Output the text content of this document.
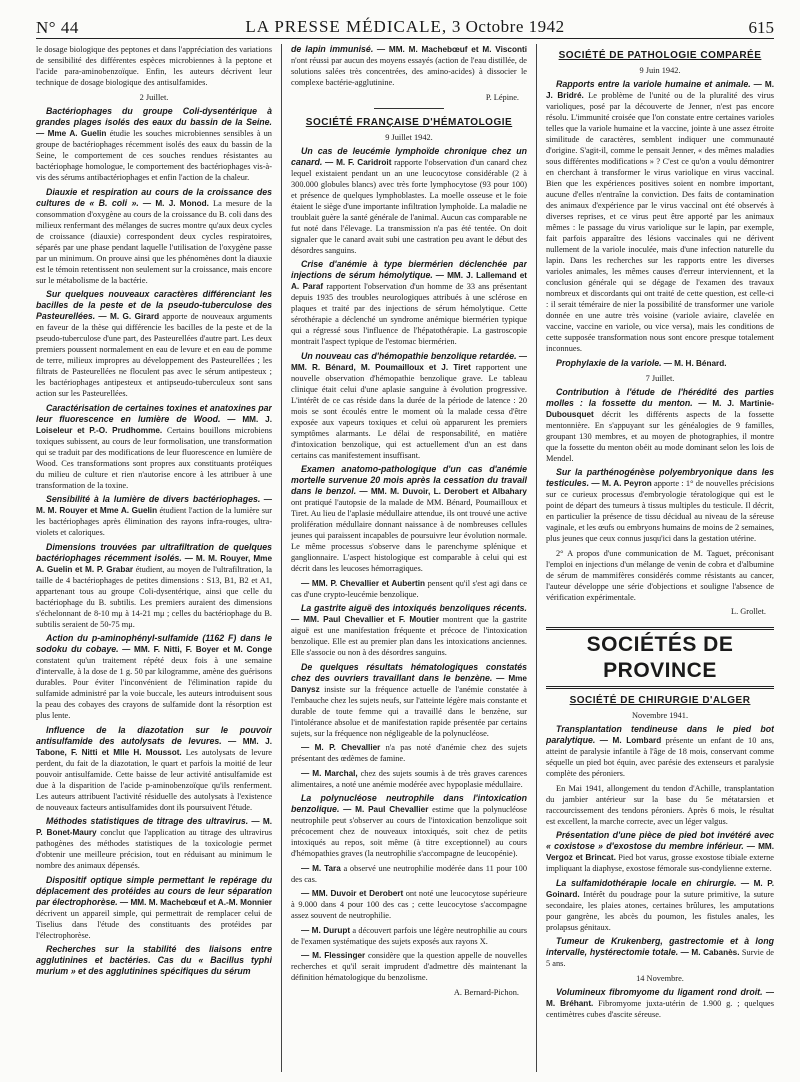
N° 44	LA PRESSE MÉDICALE, 3 Octobre 1942	615

le dosage biologique des peptones et dans l'appréciation des variations de sensibilité des différentes espèces microbiennes à la peptone et l'acide para-aminobenzoïque. Enfin, les auteurs décrivent leur technique de dosage biologique des antisulfamides.

2 Juillet.

Bactériophages du groupe Coli-dysentérique à grandes plages isolés des eaux du bassin de la Seine. — Mme A. Guelin étudie les souches microbiennes sensibles à un groupe de bactériophages récemment isolés des eaux du bassin de la Seine, le comportement de ces souches rendues résistantes au bactériophage homologue, le comportement des bactériophages vis-à-vis des sérums antibactériophages et enfin l'action de la chaleur.

Diauxie et respiration au cours de la croissance des cultures de « B. coli ». — M. J. Monod. La mesure de la consommation d'oxygène au cours de la croissance du B. coli dans des milieux renfermant des mélanges de sucres montre qu'aux deux cycles de croissance (diauxie) correspondent deux cycles respiratoires, séparés par une phase pendant laquelle l'utilisation de l'oxygène passe par un minimum. On prouve ainsi que les phénomènes dont la diauxie est le témoin retentissent non seulement sur la croissance, mais encore sur le métabolisme de la bactérie.

Sur quelques nouveaux caractères différenciant les bacilles de la peste et de la pseudo-tuberculose des Pasteurellées. — M. G. Girard apporte de nouveaux arguments en faveur de la thèse qui différencie les bacilles de la peste et de la pseudo-tuberculose d'une part, des Pasteurellées d'autre part. Les deux premiers poussent normalement en eau de levure et en eau de pomme de terre, milieux impropres au développement des Pasteurellées ; les filtrats de Pasteurellées ne floculent pas avec le sérum antipesteux ; les bactériophages antipesteux et antipseudo-tuberculeux sont sans action sur les Pasteurellées.

Caractérisation de certaines toxines et anatoxines par leur fluorescence en lumière de Wood. — MM. J. Loiseleur et P.-O. Prudhomme. Certains bouillons microbiens toxiques subissent, au cours de leur formolisation, une transformation qui se traduit par des modifications de leur fluorescence en lumière de Wood. Ces transformations sont propres aux constituants protéiques du milieu de culture et rien n'autorise encore à les attribuer à une transformation de la toxine.

Sensibilité à la lumière de divers bactériophages. — M. M. Rouyer et Mme A. Guelin étudient l'action de la lumière sur les bactériophages après élimination des rayons infra-rouges, ultra-violets et caloriques.

Dimensions trouvées par ultrafiltration de quelques bactériophages récemment isolés. — M. M. Rouyer, Mme A. Guelin et M. P. Grabar étudient, au moyen de l'ultrafiltration, la taille de 4 bactériophages de petites dimensions : S13, B1, B2 et A1, appartenant tous au groupe Coli-dysentérique, ainsi que celle du bactériophage du B. subtilis. Les premiers auraient des dimensions s'échelonnant de 8-10 mμ à 14-21 mμ ; celles du bactériophage du B. subtilis seraient de 50-75 mμ.

Action du p-aminophényl-sulfamide (1162 F) dans le sodoku du cobaye. — MM. F. Nitti, F. Boyer et M. Conge constatent qu'un traitement répété deux fois à une semaine d'intervalle, à la dose de 1 g. 50 par kilogramme, amène des guérisons durables. Pour éviter l'inconvénient de l'élimination rapide du sulfamide administré par la voie buccale, les auteurs introduisent sous la peau des cobayes des crayons de sulfamide dont la résorption est plus lente.

Influence de la diazotation sur le pouvoir antisulfamide des autolysats de levures. — MM. J. Tabone, F. Nitti et Mlle H. Moussot. Les autolysats de levure perdent, du fait de la diazotation, le quart et parfois la moitié de leur pouvoir antisulfamide. Cette baisse de leur activité antisulfamide est due à la disparition de l'acide p-aminobenzoïque qu'ils renferment. Les auteurs attribuent l'activité résiduelle des autolysats à l'existence de nouveaux facteurs antisulfamides dont ils poursuivent l'étude.

Méthodes statistiques de titrage des ultravirus. — M. P. Bonet-Maury conclut que l'application au titrage des ultravirus pathogènes des méthodes statistiques de la toxicologie permet d'obtenir une meilleure précision, tout en réduisant au minimum le nombre des animaux dépensés.

Dispositif optique simple permettant le repérage du déplacement des protéides au cours de leur séparation par électrophorèse. — MM. M. Machebœuf et A.-M. Monnier décrivent un appareil simple, qui permettrait de remplacer celui de Tiselius dans l'étude des constituants des protéides par l'électrophorèse.

Recherches sur la stabilité des liaisons entre agglutinines et bactéries. Cas du « Bacillus typhi murium » et des agglutinines spécifiques du sérum

de lapin immunisé. — MM. M. Machebœuf et M. Visconti n'ont réussi par aucun des moyens essayés (action de l'eau distillée, de solutions salées très concentrées, des amino-acides) à dissocier le complexe bactérie-agglutinine.

P. Lépine.

SOCIÉTÉ FRANÇAISE D'HÉMATOLOGIE

9 Juillet 1942.

Un cas de leucémie lymphoïde chronique chez un canard. — M. F. Caridroit rapporte l'observation d'un canard chez lequel existaient pendant un an une leucocytose considérable (2 à 300.000 globules blancs) avec très forte lymphocytose (93 pour 100) et présence de quelques lymphoblastes. La moelle osseuse et le foie étaient le siège d'une importante infiltration lymphoïde. La maladie ne troublait guère la santé générale de l'animal. Aucun cas comparable ne fut noté dans l'élevage. La transmission n'a pas été tentée. On doit signaler que le canard avait subi une castration peu avant le début des désordres sanguins.

Crise d'anémie à type biermérien déclenchée par injections de sérum hémolytique. — MM. J. Lallemand et A. Paraf rapportent l'observation d'un homme de 33 ans présentant depuis 1935 des troubles neurologiques attribués à une sclérose en plaques et traité par des injections de sérum hémolytique. Cette sérothérapie a déclenché un syndrome anémique biermérien typique qui a régressé sous l'influence de l'hépatothérapie. La gastroscopie montrait l'aspect typique de l'estomac biermérien.

Un nouveau cas d'hémopathie benzolique retardée. — MM. R. Bénard, M. Poumailloux et J. Tiret rapportent une nouvelle observation d'hémopathie benzolique grave. Le tableau clinique était celui d'une aplasie sanguine à évolution progressive. L'intérêt de ce cas réside dans la durée de la période de latence : 20 mois se sont écoulés entre le moment où la malade cessa d'être exposée aux vapeurs toxiques et celui où apparurent les premiers symptômes alarmants. Le délai de responsabilité, en matière d'intoxication benzolique, qui est actuellement d'un an est dans certains cas manifestement insuffisant.

Examen anatomo-pathologique d'un cas d'anémie mortelle survenue 20 mois après la cessation du travail dans le benzol. — MM. M. Duvoir, L. Derobert et Albahary ont pratiqué l'autopsie de la malade de MM. Bénard, Poumailloux et Tiret. Au lieu de l'aplasie médullaire attendue, ils ont trouvé une active prolifération médullaire donnant naissance à de nombreuses cellules jeunes qui paraissent incapables de poursuivre leur évolution normale. Le même processus s'observe dans le parenchyme splénique et ganglionnaire. L'aspect histologique est comparable à celui qui est décrit dans les leucoses hémorragiques.

— MM. P. Chevallier et Aubertin pensent qu'il s'est agi dans ce cas d'une crypto-leucémie benzolique.

La gastrite aiguë des intoxiqués benzoliques récents. — MM. Paul Chevallier et F. Moutier montrent que la gastrite aiguë est une manifestation fréquente et précoce de l'intoxication benzolique. Elle est au premier plan dans les intoxications anciennes. Elle s'associe ou non à des désordres sanguins.

De quelques résultats hématologiques constatés chez des ouvriers travaillant dans le benzène. — Mme Danysz insiste sur la fréquence actuelle de l'anémie constatée à l'embauche chez les sujets neufs, sur l'atteinte légère mais constante et durable de toute femme qui a travaillé dans le benzène, sur l'intolérance absolue et de manifestation rapide présentée par certains sujets, sur la fréquence non négligeable de la polynucléose.

— M. P. Chevallier n'a pas noté d'anémie chez des sujets présentant des œdèmes de famine.

— M. Marchal, chez des sujets soumis à de très graves carences alimentaires, a noté une anémie modérée avec hypoplasie médullaire.

La polynucléose neutrophile dans l'intoxication benzolique. — M. Paul Chevallier estime que la polynucléose neutrophile peut s'observer au cours de l'intoxication benzolique soit précocement chez de nouveaux intoxiqués, soit chez de petits intoxiqués au repos, soit même (à titre exceptionnel) au cours d'hémopathies graves (la neutrophilie s'accompagne de leucopénie).

— M. Tara a observé une neutrophilie modérée dans 11 pour 100 des cas.

— MM. Duvoir et Derobert ont noté une leucocytose supérieure à 9.000 dans 4 pour 100 des cas ; cette leucocytose s'accompagne assez souvent de neutrophilie.

— M. Durupt a découvert parfois une légère neutrophilie au cours de l'examen systématique des sujets exposés aux rayons X.

— M. Flessinger considère que la question appelle de nouvelles recherches et qu'il serait imprudent d'admettre dès maintenant la définition hématologique du benzolisme.

A. Bernard-Pichon.

SOCIÉTÉ DE PATHOLOGIE COMPARÉE

9 Juin 1942.

Rapports entre la variole humaine et animale. — M. J. Bridré. Le problème de l'unité ou de la pluralité des virus varioliques, posé par la découverte de Jenner, n'est pas encore résolu. L'immunité croisée que l'on constate entre certaines varioles telles que la variole humaine et la vaccine, jointe à une assez étroite similitude de caractères, semblent indiquer une communauté d'origine. S'agit-il, comme le pensait Jenner, « des mêmes maladies sous différentes modifications » ? C'est ce qu'on a voulu démontrer en cherchant à transformer le virus variolique en virus vaccinal. Bien que les expériences positives soient en nombre important, aucune d'elles n'entraîne la conviction. Des faits de contamination des animaux d'expérience par le virus vaccinal ont été observés à diverses reprises, et ce virus peut être apporté par les animaux mêmes : le passage du virus variolique sur le lapin, par exemple, fait parfois apparaître des lésions vaccinales qui ne dérivent nullement de la variole inoculée, mais d'une infection naturelle du lapin. Dans les recherches sur les rapports entre les diverses varioles animales, les mêmes causes d'erreur interviennent, et la conclusion générale qui se dégage de l'examen des travaux nombreux et discordants qui ont traité de cette question, est celle-ci : il serait téméraire de nier la possibilité de transformer une variole donnée en une autre très voisine (variole aviaire, clavelée en vaccine, vaccine en variole, ou vice versa), mais les conditions de cette supposée transformation nous sont encore presque totalement inconnues.

Prophylaxie de la variole. — M. H. Bénard.

7 Juillet.

Contribution à l'étude de l'hérédité des parties molles : la fossette du menton. — M. J. Martinie-Dubousquet décrit les différents aspects de la fossette mentonnière. En s'appuyant sur les généalogies de 9 familles, groupant 130 membres, et au moyen de photographies, il montre que la fossette du menton obéit au mode dominant selon les lois de Mendel.

Sur la parthénogénèse polyembryonique dans les testicules. — M. A. Peyron apporte : 1° de nouvelles précisions sur ce curieux processus d'embryologie tératologique qui est le point de départ des tumeurs à tissus multiples du testicule. Il décrit, en particulier la présence de tissu décidual au niveau de la séreuse vaginale, et les œufs ou embryons humains de moins de 2 semaines, plus jeunes que ceux connus jusqu'ici dans la gestation utérine.

2° A propos d'une communication de M. Taguet, préconisant l'emploi en injections d'un mélange de venin de cobra et d'albumine de sérum de mammifères considérés comme résistants au cancer, l'auteur développe une série d'objections et souligne l'absence de vérification expérimentale.

L. Grollet.

SOCIÉTÉS DE PROVINCE

SOCIÉTÉ DE CHIRURGIE D'ALGER

Novembre 1941.

Transplantation tendineuse dans le pied bot paralytique. — M. Lombard présente un enfant de 10 ans, atteint de paralysie infantile à l'âge de 18 mois, conservant comme séquelle un pied bot équin, avec parésie des extenseurs et paralysie complète des péroniers.

En Mai 1941, allongement du tendon d'Achille, transplantation du jambier antérieur sur la base du 5e métatarsien et raccourcissement des tendons péroniers. Après 6 mois, le résultat est excellent, la marche correcte, avec un léger valgus.

Présentation d'une pièce de pied bot invétéré avec « coxistose » d'exostose du membre inférieur. — MM. Vergoz et Brincat. Pied bot varus, grosse exostose tibiale externe impliquant la diaphyse, exostose fémorale sus-condylienne externe.

La sulfamidothérapie locale en chirurgie. — M. P. Goinard. Intérêt du poudrage pour la suture primitive, la suture secondaire, les plaies atones, certaines brûlures, les amputations pour gangrène, les abcès du poumon, les fistules anales, les prolapsus génitaux.

Tumeur de Krukenberg, gastrectomie et à long intervalle, hystérectomie totale. — M. Cabanès. Survie de 5 ans.

14 Novembre.

Volumineux fibromyome du ligament rond droit. — M. Bréhant. Fibromyome juxta-utérin de 1.900 g. ; quelques centimètres cubes d'ascite séreuse.
